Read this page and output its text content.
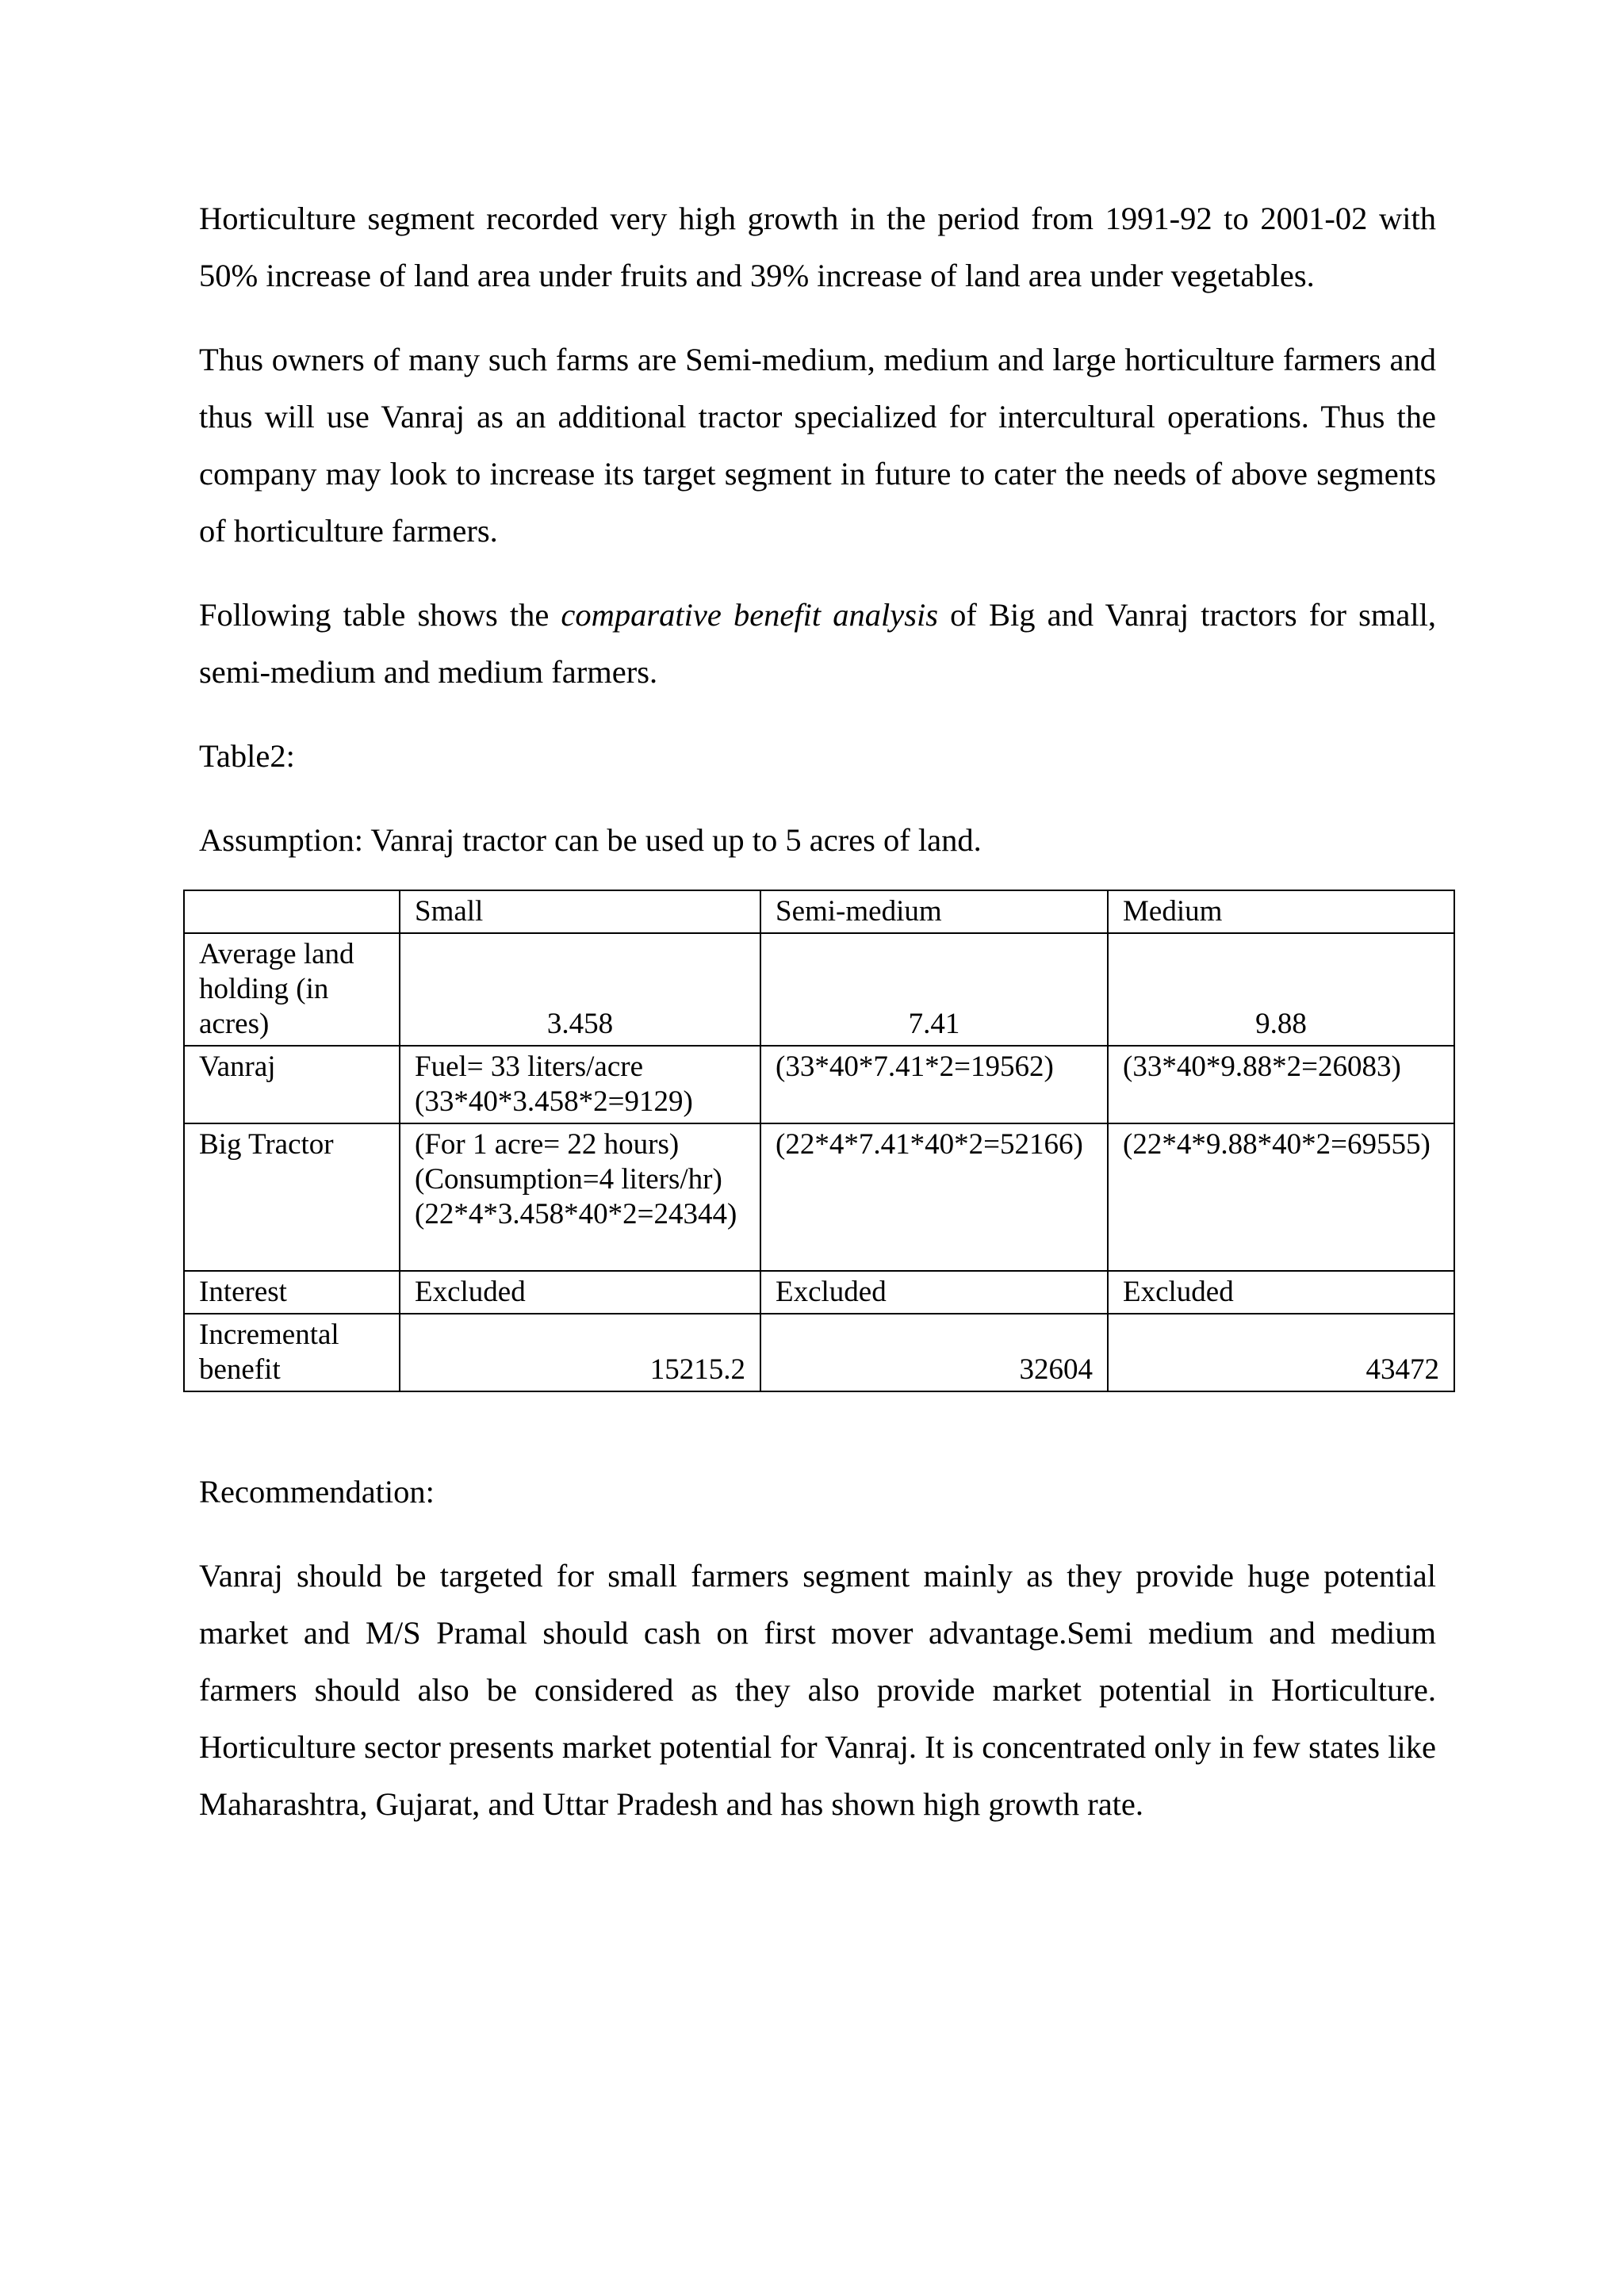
Horticulture segment recorded very high growth in the period from 1991-92 to 2001-02 with 50% increase of land area under fruits and 39% increase of land area under vegetables.

Thus owners of many such farms are Semi-medium, medium and large horticulture farmers and thus will use Vanraj as an additional tractor specialized for intercultural operations. Thus the company may look to increase its target segment in future to cater the needs of above segments of horticulture farmers.

Following table shows the comparative benefit analysis of Big and Vanraj tractors for small, semi-medium and medium farmers.

Table2:

Assumption: Vanraj tractor can be used up to 5 acres of land.

	Small	Semi-medium	Medium

Average land
holding (in
acres)	3.458	7.41	9.88
Vanraj	Fuel= 33 liters/acre
(33*40*3.458*2=9129)	(33*40*7.41*2=19562)	(33*40*9.88*2=26083)
Big Tractor	(For 1 acre= 22 hours)
(Consumption=4 liters/hr)
(22*4*3.458*40*2=24344)	(22*4*7.41*40*2=52166)	(22*4*9.88*40*2=69555)
Interest	Excluded	Excluded	Excluded

Incremental
benefit	15215.2	32604	43472

Recommendation:

Vanraj should be targeted for small farmers segment mainly as they provide huge potential market and M/S Pramal should cash on first mover advantage.Semi medium and medium farmers should also be considered as they also provide market potential in Horticulture. Horticulture sector presents market potential for Vanraj. It is concentrated only in few states like Maharashtra, Gujarat, and Uttar Pradesh and has shown high growth rate.
